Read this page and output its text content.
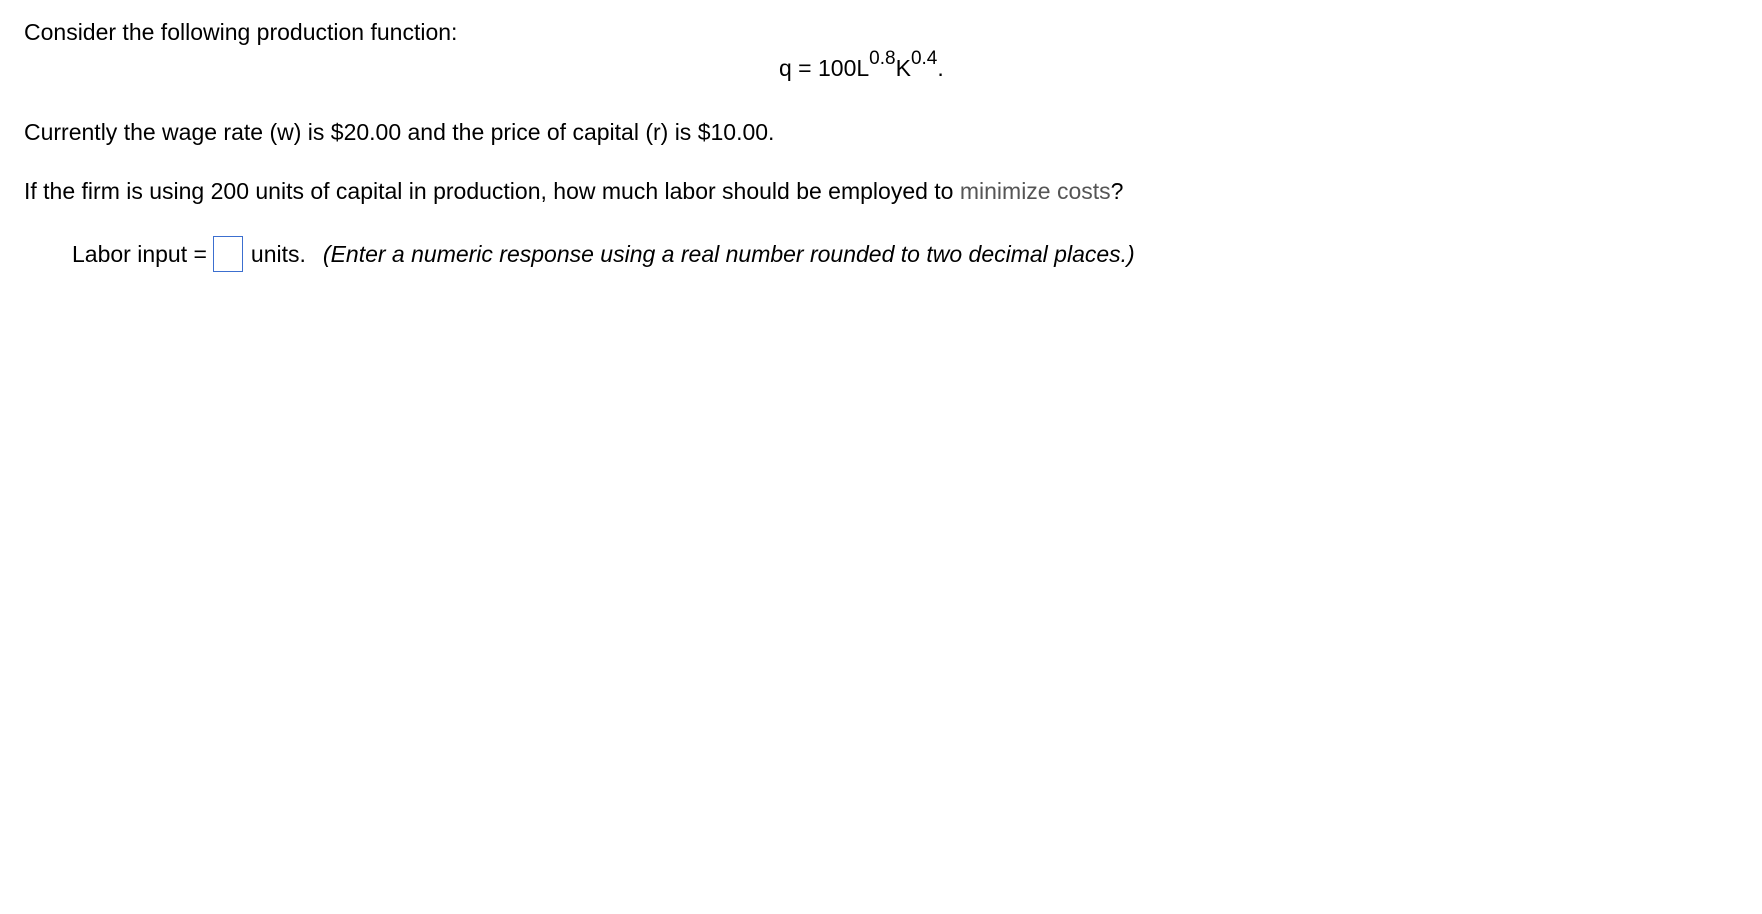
Consider the following production function:
$q = 100L^{0.8}K^{0.4}$.
Currently the wage rate (w) is $20.00 and the price of capital (r) is $10.00.
If the firm is using 200 units of capital in production, how much labor should be employed to minimize costs?
Labor input = units. (Enter a numeric response using a real number rounded to two decimal places.)
